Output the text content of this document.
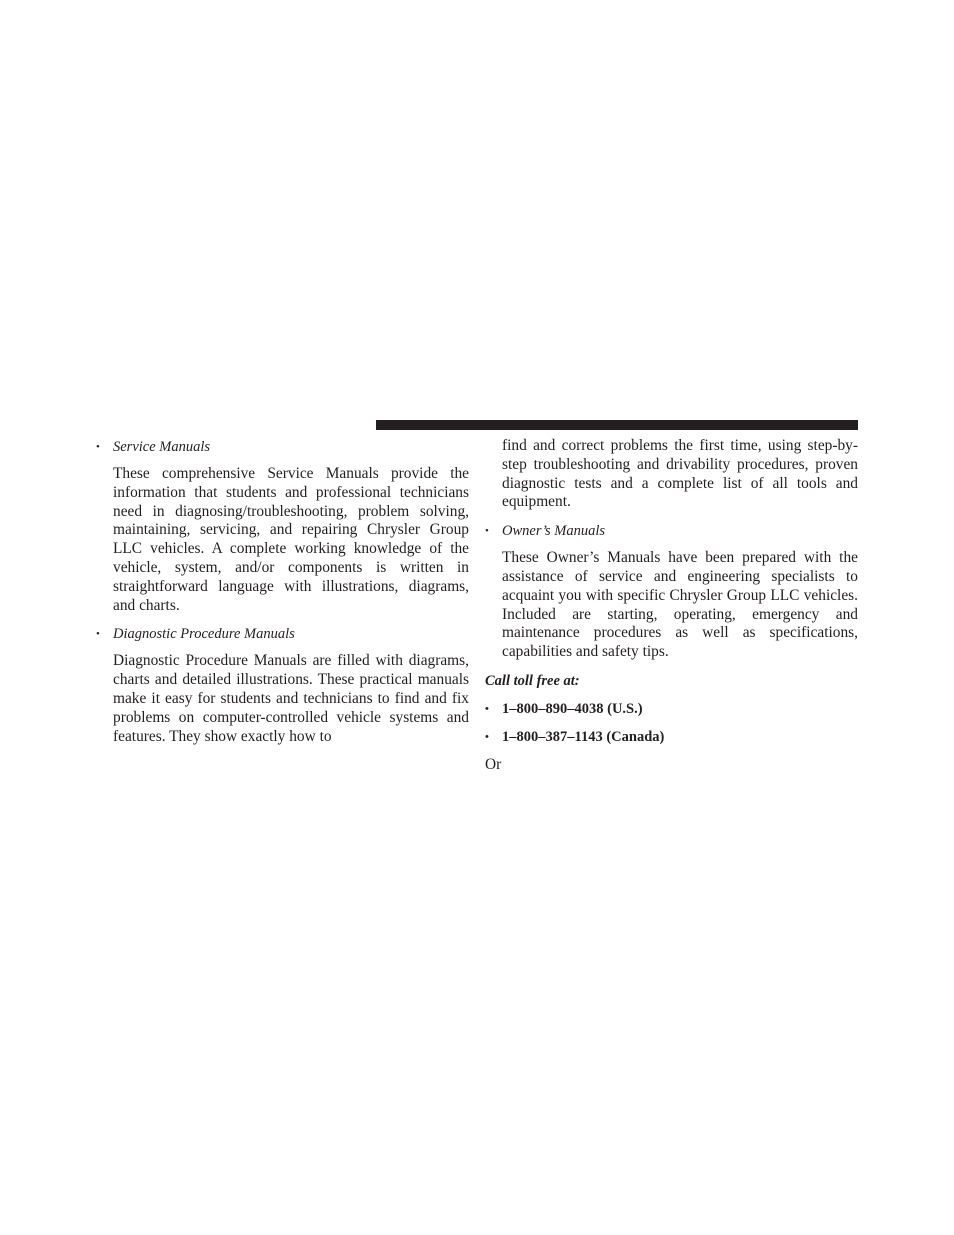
• Service Manuals

These comprehensive Service Manuals provide the information that students and professional technicians need in diagnosing/troubleshooting, problem solving, maintaining, servicing, and repairing Chrysler Group LLC vehicles. A complete working knowledge of the vehicle, system, and/or components is written in straightforward language with illustrations, diagrams, and charts.

• Diagnostic Procedure Manuals

Diagnostic Procedure Manuals are filled with diagrams, charts and detailed illustrations. These practical manuals make it easy for students and technicians to find and fix problems on computer-controlled vehicle systems and features. They show exactly how to

find and correct problems the first time, using step-by-step troubleshooting and drivability procedures, proven diagnostic tests and a complete list of all tools and equipment.

• Owner’s Manuals

These Owner’s Manuals have been prepared with the assistance of service and engineering specialists to acquaint you with specific Chrysler Group LLC vehicles. Included are starting, operating, emergency and maintenance procedures as well as specifications, capabilities and safety tips.

Call toll free at:
• 1–800–890–4038 (U.S.)
• 1–800–387–1143 (Canada)

Or
